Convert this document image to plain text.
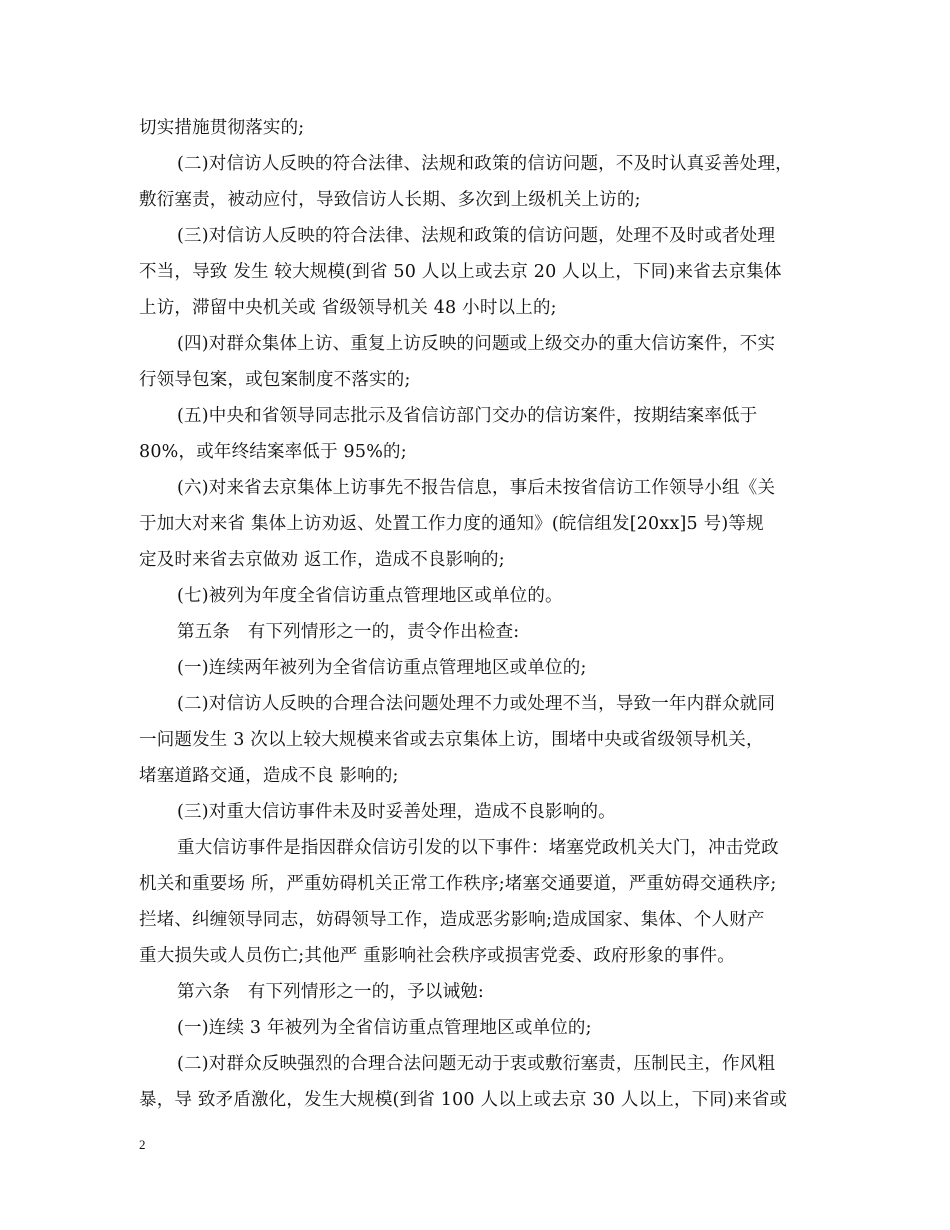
切实措施贯彻落实的;
(二)对信访人反映的符合法律、法规和政策的信访问题，不及时认真妥善处理，
敷衍塞责，被动应付，导致信访人长期、多次到上级机关上访的;
(三)对信访人反映的符合法律、法规和政策的信访问题，处理不及时或者处理
不当，导致 发生 较大规模(到省 50 人以上或去京 20 人以上，下同)来省去京集体
上访，滞留中央机关或 省级领导机关 48 小时以上的;
(四)对群众集体上访、重复上访反映的问题或上级交办的重大信访案件，不实
行领导包案，或包案制度不落实的;
(五)中央和省领导同志批示及省信访部门交办的信访案件，按期结案率低于
80%，或年终结案率低于 95%的;
(六)对来省去京集体上访事先不报告信息，事后未按省信访工作领导小组《关
于加大对来省 集体上访劝返、处置工作力度的通知》(皖信组发[20xx]5 号)等规
定及时来省去京做劝 返工作，造成不良影响的;
(七)被列为年度全省信访重点管理地区或单位的。
第五条　有下列情形之一的，责令作出检查:
(一)连续两年被列为全省信访重点管理地区或单位的;
(二)对信访人反映的合理合法问题处理不力或处理不当，导致一年内群众就同
一问题发生 3 次以上较大规模来省或去京集体上访，围堵中央或省级领导机关，
堵塞道路交通，造成不良 影响的;
(三)对重大信访事件未及时妥善处理，造成不良影响的。
重大信访事件是指因群众信访引发的以下事件：堵塞党政机关大门，冲击党政
机关和重要场 所，严重妨碍机关正常工作秩序;堵塞交通要道，严重妨碍交通秩序;
拦堵、纠缠领导同志，妨碍领导工作，造成恶劣影响;造成国家、集体、个人财产
重大损失或人员伤亡;其他严 重影响社会秩序或损害党委、政府形象的事件。
第六条　有下列情形之一的，予以诫勉:
(一)连续 3 年被列为全省信访重点管理地区或单位的;
(二)对群众反映强烈的合理合法问题无动于衷或敷衍塞责，压制民主，作风粗
暴，导 致矛盾激化，发生大规模(到省 100 人以上或去京 30 人以上，下同)来省或
2
